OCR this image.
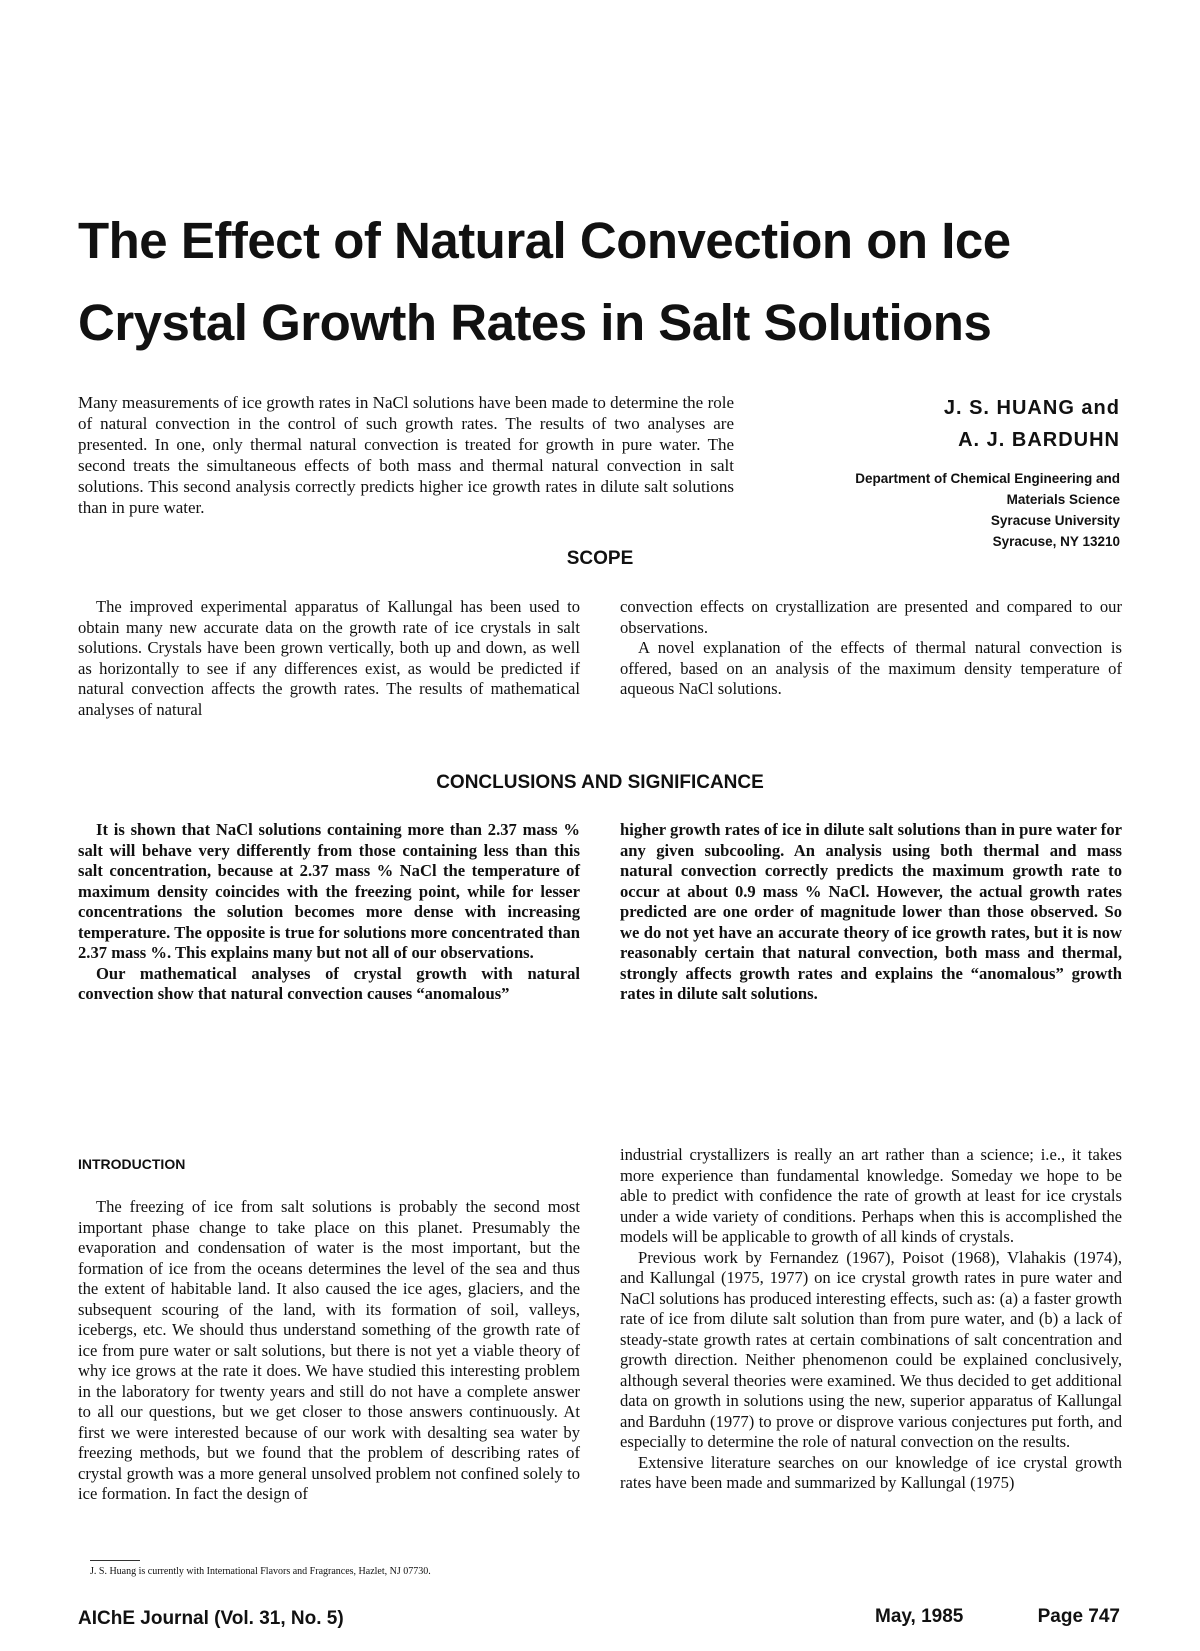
The Effect of Natural Convection on Ice
Crystal Growth Rates in Salt Solutions

Many measurements of ice growth rates in NaCl solutions have been made to determine the role of natural convection in the control of such growth rates. The results of two analyses are presented. In one, only thermal natural convection is treated for growth in pure water. The second treats the simultaneous effects of both mass and thermal natural convection in salt solutions. This second analysis correctly predicts higher ice growth rates in dilute salt solutions than in pure water.

J. S. HUANG and
A. J. BARDUHN
Department of Chemical Engineering and
Materials Science
Syracuse University
Syracuse, NY 13210
SCOPE

The improved experimental apparatus of Kallungal has been used to obtain many new accurate data on the growth rate of ice crystals in salt solutions. Crystals have been grown vertically, both up and down, as well as horizontally to see if any differences exist, as would be predicted if natural convection affects the growth rates. The results of mathematical analyses of natural

convection effects on crystallization are presented and compared to our observations.

A novel explanation of the effects of thermal natural convection is offered, based on an analysis of the maximum density temperature of aqueous NaCl solutions.

CONCLUSIONS AND SIGNIFICANCE

It is shown that NaCl solutions containing more than 2.37 mass % salt will behave very differently from those containing less than this salt concentration, because at 2.37 mass % NaCl the temperature of maximum density coincides with the freezing point, while for lesser concentrations the solution becomes more dense with increasing temperature. The opposite is true for solutions more concentrated than 2.37 mass %. This explains many but not all of our observations.

Our mathematical analyses of crystal growth with natural convection show that natural convection causes “anomalous”

higher growth rates of ice in dilute salt solutions than in pure water for any given subcooling. An analysis using both thermal and mass natural convection correctly predicts the maximum growth rate to occur at about 0.9 mass % NaCl. However, the actual growth rates predicted are one order of magnitude lower than those observed. So we do not yet have an accurate theory of ice growth rates, but it is now reasonably certain that natural convection, both mass and thermal, strongly affects growth rates and explains the “anomalous” growth rates in dilute salt solutions.

INTRODUCTION

The freezing of ice from salt solutions is probably the second most important phase change to take place on this planet. Presumably the evaporation and condensation of water is the most important, but the formation of ice from the oceans determines the level of the sea and thus the extent of habitable land. It also caused the ice ages, glaciers, and the subsequent scouring of the land, with its formation of soil, valleys, icebergs, etc. We should thus understand something of the growth rate of ice from pure water or salt solutions, but there is not yet a viable theory of why ice grows at the rate it does. We have studied this interesting problem in the laboratory for twenty years and still do not have a complete answer to all our questions, but we get closer to those answers continuously. At first we were interested because of our work with desalting sea water by freezing methods, but we found that the problem of describing rates of crystal growth was a more general unsolved problem not confined solely to ice formation. In fact the design of

industrial crystallizers is really an art rather than a science; i.e., it takes more experience than fundamental knowledge. Someday we hope to be able to predict with confidence the rate of growth at least for ice crystals under a wide variety of conditions. Perhaps when this is accomplished the models will be applicable to growth of all kinds of crystals.

Previous work by Fernandez (1967), Poisot (1968), Vlahakis (1974), and Kallungal (1975, 1977) on ice crystal growth rates in pure water and NaCl solutions has produced interesting effects, such as: (a) a faster growth rate of ice from dilute salt solution than from pure water, and (b) a lack of steady-state growth rates at certain combinations of salt concentration and growth direction. Neither phenomenon could be explained conclusively, although several theories were examined. We thus decided to get additional data on growth in solutions using the new, superior apparatus of Kallungal and Barduhn (1977) to prove or disprove various conjectures put forth, and especially to determine the role of natural convection on the results.

Extensive literature searches on our knowledge of ice crystal growth rates have been made and summarized by Kallungal (1975)

J. S. Huang is currently with International Flavors and Fragrances, Hazlet, NJ 07730.
AIChE Journal (Vol. 31, No. 5)	May, 1985	Page 747
